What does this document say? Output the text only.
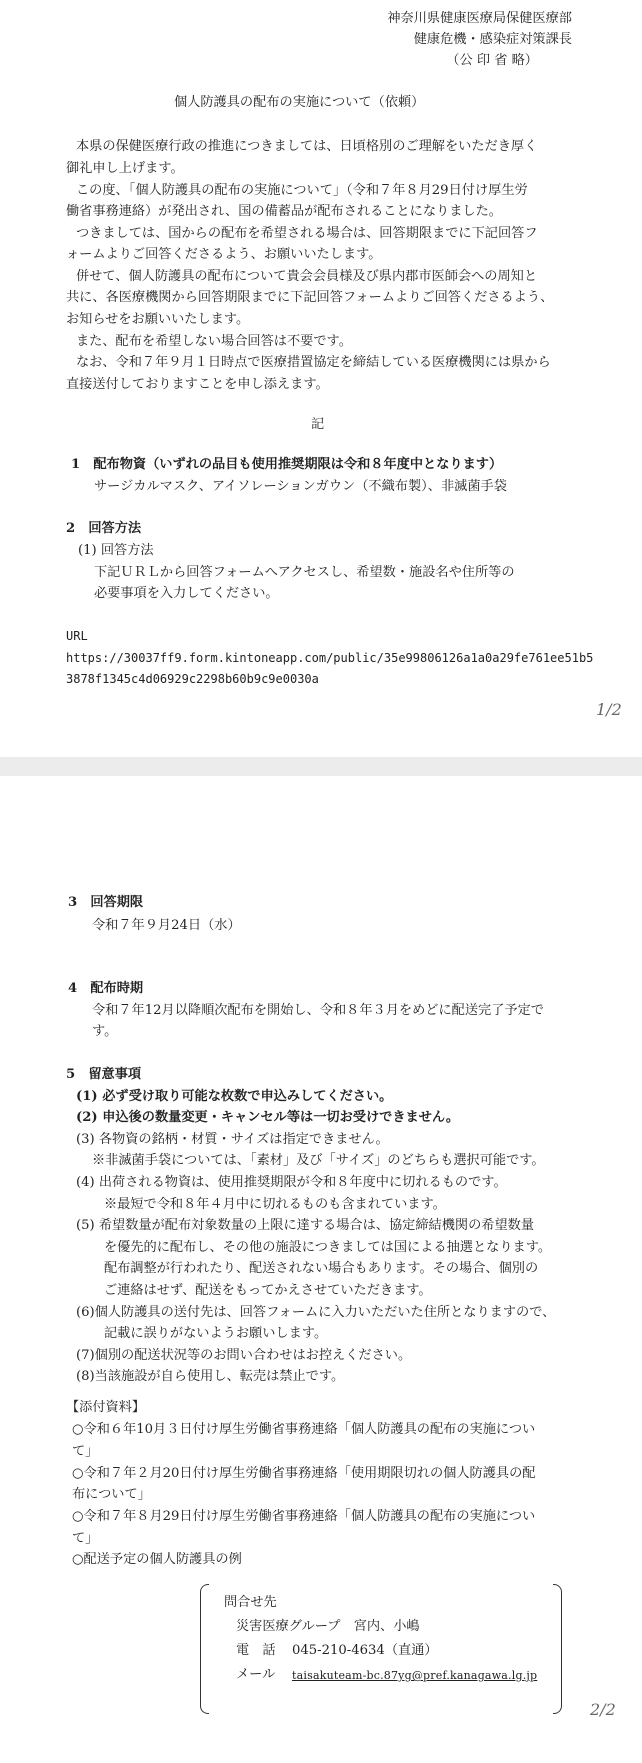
神奈川県健康医療局保健医療部
健康危機・感染症対策課長
（公 印 省 略）
個人防護具の配布の実施について（依頼）
本県の保健医療行政の推進につきましては、日頃格別のご理解をいただき厚く
御礼申し上げます。
この度、「個人防護具の配布の実施について」（令和７年８月29日付け厚生労
働省事務連絡）が発出され、国の備蓄品が配布されることになりました。
つきましては、国からの配布を希望される場合は、回答期限までに下記回答フ
ォームよりご回答くださるよう、お願いいたします。
併せて、個人防護具の配布について貴会会員様及び県内郡市医師会への周知と
共に、各医療機関から回答期限までに下記回答フォームよりご回答くださるよう、
お知らせをお願いいたします。
また、配布を希望しない場合回答は不要です。
なお、令和７年９月１日時点で医療措置協定を締結している医療機関には県から
直接送付しておりますことを申し添えます。
記
1　配布物資（いずれの品目も使用推奨期限は令和８年度中となります）
サージカルマスク、アイソレーションガウン（不織布製）、非滅菌手袋
2　回答方法
(1) 回答方法
下記ＵＲＬから回答フォームへアクセスし、希望数・施設名や住所等の
必要事項を入力してください。
URL
https://30037ff9.form.kintoneapp.com/public/35e99806126a1a0a29fe761ee51b5
3878f1345c4d06929c2298b60b9c9e0030a
1/2
3　回答期限
令和７年９月24日（水）
4　配布時期
令和７年12月以降順次配布を開始し、令和８年３月をめどに配送完了予定で
す。
5　留意事項
(1) 必ず受け取り可能な枚数で申込みしてください。
(2) 申込後の数量変更・キャンセル等は一切お受けできません。
(3) 各物資の銘柄・材質・サイズは指定できません。
※非滅菌手袋については、「素材」及び「サイズ」のどちらも選択可能です。
(4) 出荷される物資は、使用推奨期限が令和８年度中に切れるものです。
※最短で令和８年４月中に切れるものも含まれています。
(5) 希望数量が配布対象数量の上限に達する場合は、協定締結機関の希望数量
を優先的に配布し、その他の施設につきましては国による抽選となります。
配布調整が行われたり、配送されない場合もあります。その場合、個別の
ご連絡はせず、配送をもってかえさせていただきます。
(6)個人防護具の送付先は、回答フォームに入力いただいた住所となりますので、
記載に誤りがないようお願いします。
(7)個別の配送状況等のお問い合わせはお控えください。
(8)当該施設が自ら使用し、転売は禁止です。
【添付資料】
○令和６年10月３日付け厚生労働省事務連絡「個人防護具の配布の実施につい
て」
○令和７年２月20日付け厚生労働省事務連絡「使用期限切れの個人防護具の配
布について」
○令和７年８月29日付け厚生労働省事務連絡「個人防護具の配布の実施につい
て」
○配送予定の個人防護具の例
問合せ先
災害医療グループ　宮内、小嶋
電　話 045-210-4634（直通）
メール taisakuteam-bc.87yg@pref.kanagawa.lg.jp
2/2
